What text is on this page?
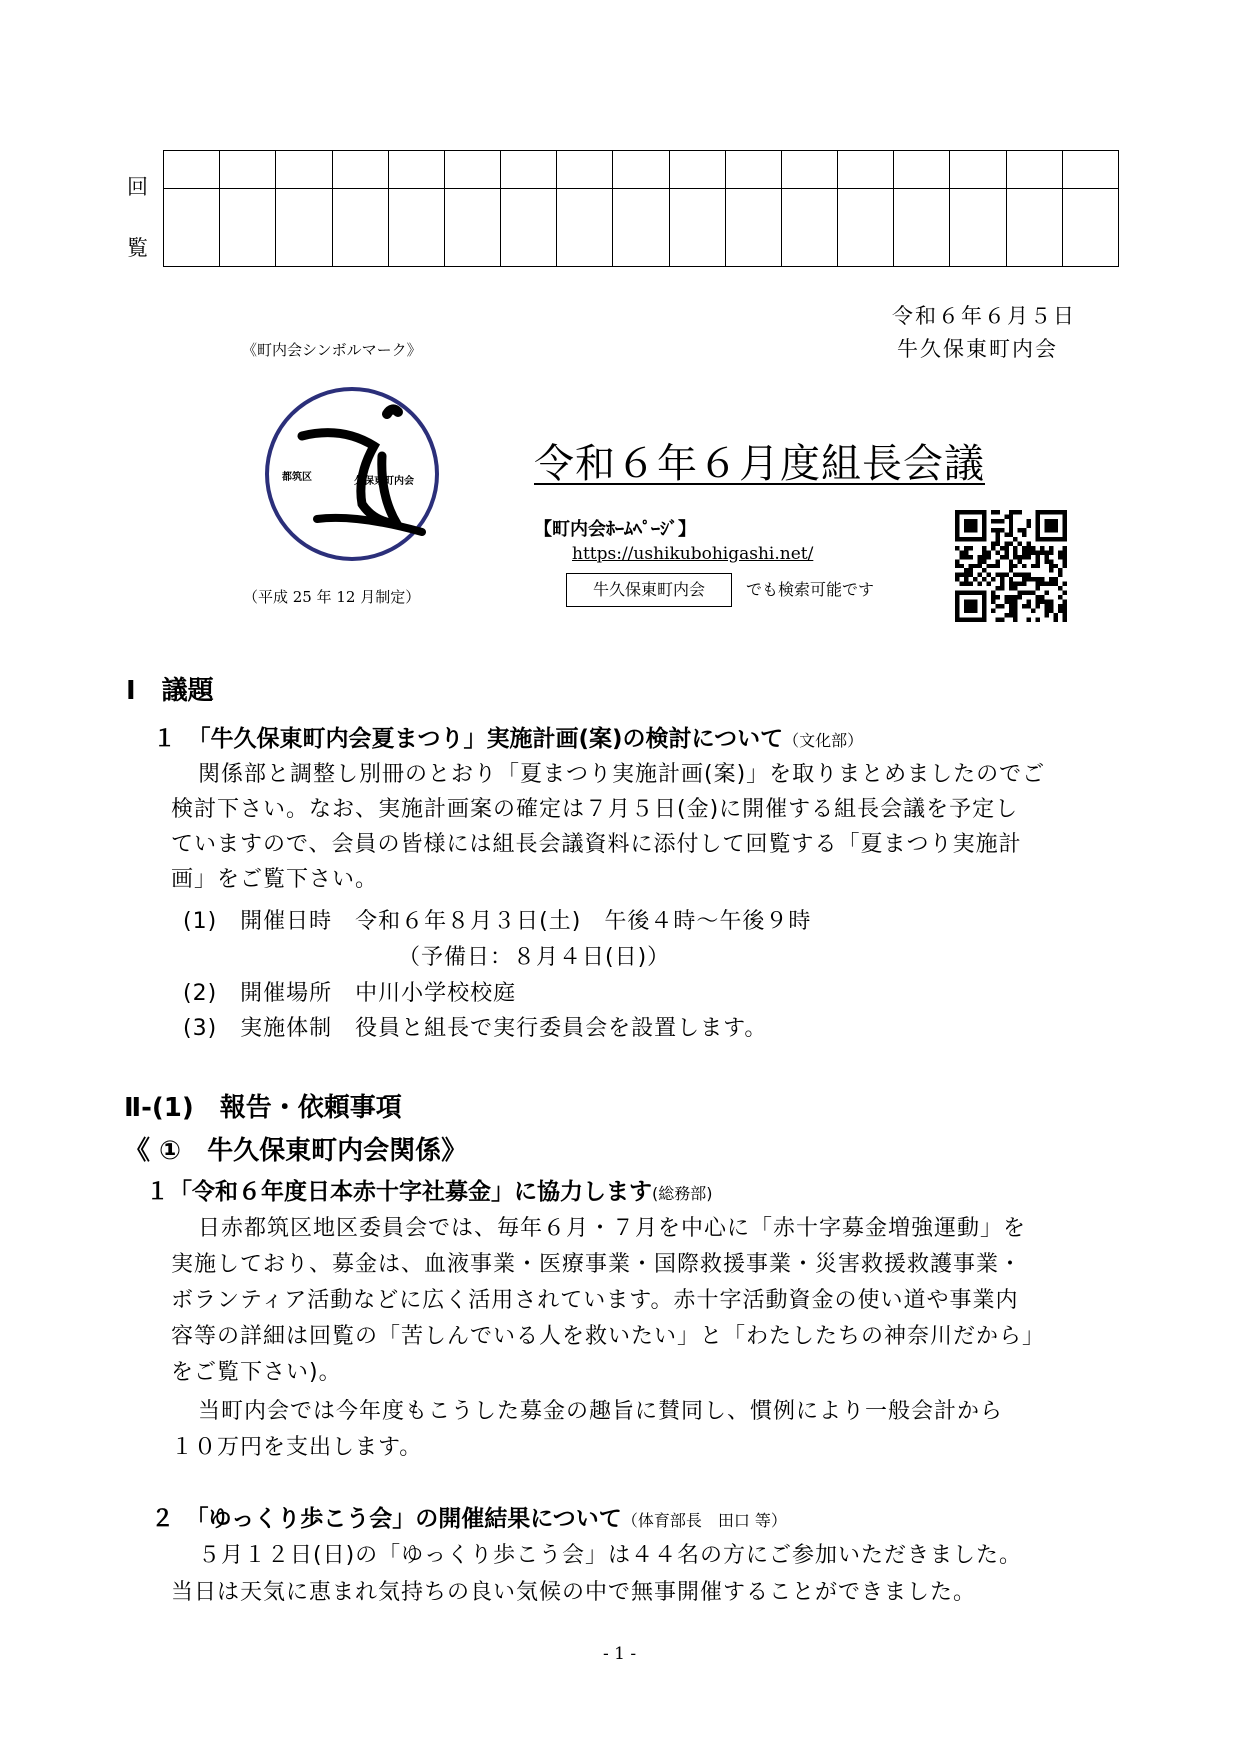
回
覧

令和６年６月５日
牛久保東町内会
《町内会シンボルマーク》
都筑区	久保東町内会
（平成 25 年 12 月制定）
令和６年６月度組長会議
【町内会ﾎｰﾑﾍﾟｰｼﾞ】
https://ushikubohigashi.net/
牛久保東町内会	でも検索可能です
Ⅰ　議題
１　「牛久保東町内会夏まつり」実施計画(案)の検討について（文化部）
関係部と調整し別冊のとおり「夏まつり実施計画(案)」を取りまとめましたのでご
検討下さい。なお、実施計画案の確定は７月５日(金)に開催する組長会議を予定し
ていますので、会員の皆様には組長会議資料に添付して回覧する「夏まつり実施計
画」をご覧下さい。
(1)　開催日時　令和６年８月３日(土)　午後４時～午後９時
（予備日：８月４日(日)）
(2)　開催場所　中川小学校校庭
(3)　実施体制　役員と組長で実行委員会を設置します。
Ⅱ-(1)　報告・依頼事項
《 ①　牛久保東町内会関係》
１「令和６年度日本赤十字社募金」に協力します(総務部)
日赤都筑区地区委員会では、毎年６月・７月を中心に「赤十字募金増強運動」を
実施しており、募金は、血液事業・医療事業・国際救援事業・災害救援救護事業・
ボランティア活動などに広く活用されています。赤十字活動資金の使い道や事業内
容等の詳細は回覧の「苦しんでいる人を救いたい」と「わたしたちの神奈川だから」
をご覧下さい)。
当町内会では今年度もこうした募金の趣旨に賛同し、慣例により一般会計から
１０万円を支出します。
２　「ゆっくり歩こう会」の開催結果について（体育部長　田口 等）
５月１２日(日)の「ゆっくり歩こう会」は４４名の方にご参加いただきました。
当日は天気に恵まれ気持ちの良い気候の中で無事開催することができました。
- 1 -
